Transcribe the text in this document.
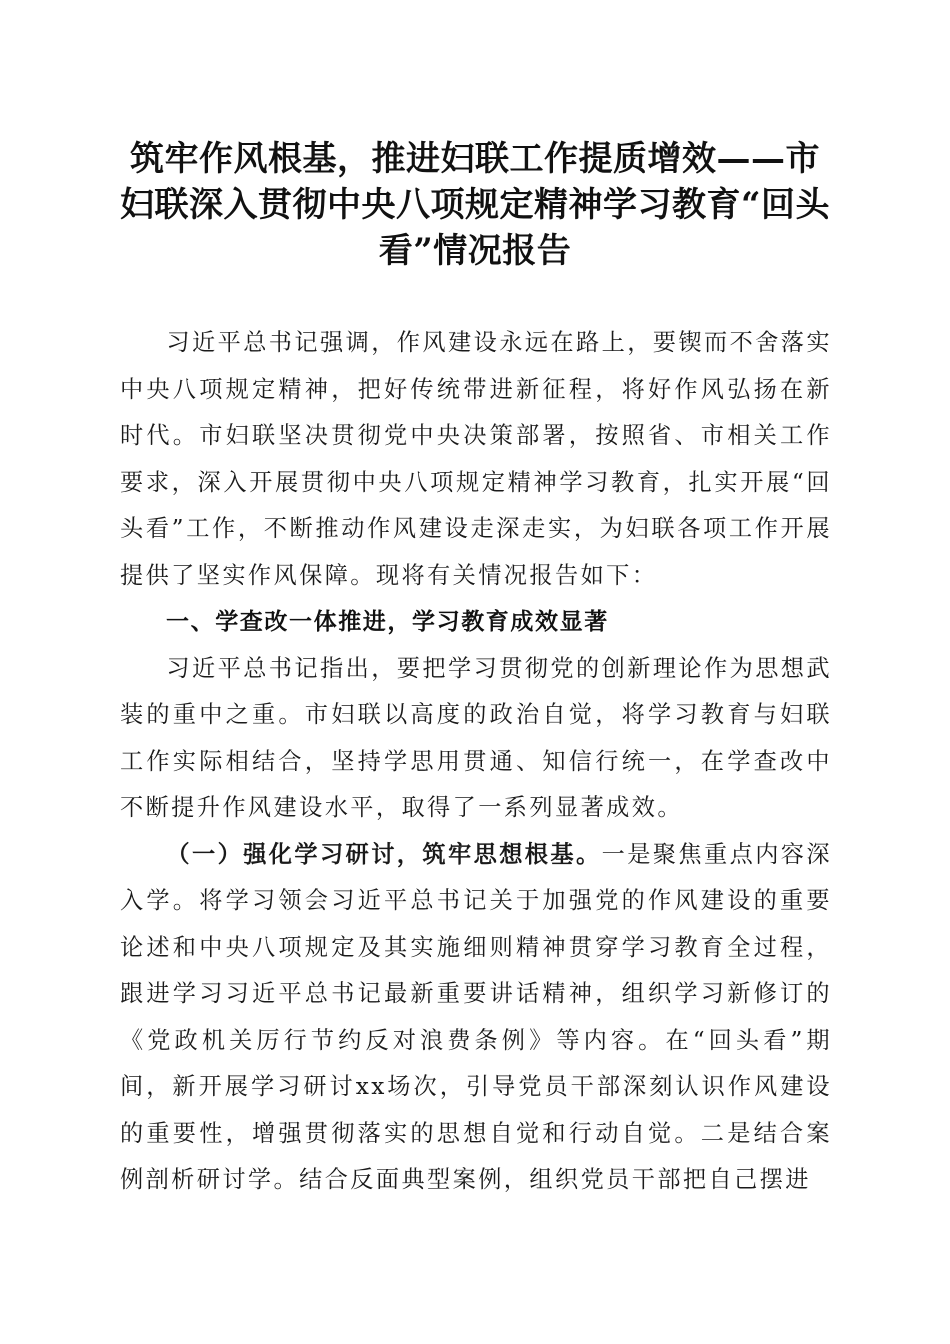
筑牢作风根基，推进妇联工作提质增效——市妇联深入贯彻中央八项规定精神学习教育“回头看”情况报告

习近平总书记强调，作风建设永远在路上，要锲而不舍落实中央八项规定精神，把好传统带进新征程，将好作风弘扬在新时代。市妇联坚决贯彻党中央决策部署，按照省、市相关工作要求，深入开展贯彻中央八项规定精神学习教育，扎实开展“回头看”工作，不断推动作风建设走深走实，为妇联各项工作开展提供了坚实作风保障。现将有关情况报告如下：

一、学查改一体推进，学习教育成效显著

习近平总书记指出，要把学习贯彻党的创新理论作为思想武装的重中之重。市妇联以高度的政治自觉，将学习教育与妇联工作实际相结合，坚持学思用贯通、知信行统一，在学查改中不断提升作风建设水平，取得了一系列显著成效。

（一）强化学习研讨，筑牢思想根基。一是聚焦重点内容深入学。将学习领会习近平总书记关于加强党的作风建设的重要论述和中央八项规定及其实施细则精神贯穿学习教育全过程，跟进学习习近平总书记最新重要讲话精神，组织学习新修订的《党政机关厉行节约反对浪费条例》等内容。在“回头看”期间，新开展学习研讨xx场次，引导党员干部深刻认识作风建设的重要性，增强贯彻落实的思想自觉和行动自觉。二是结合案例剖析研讨学。结合反面典型案例，组织党员干部把自己摆进
